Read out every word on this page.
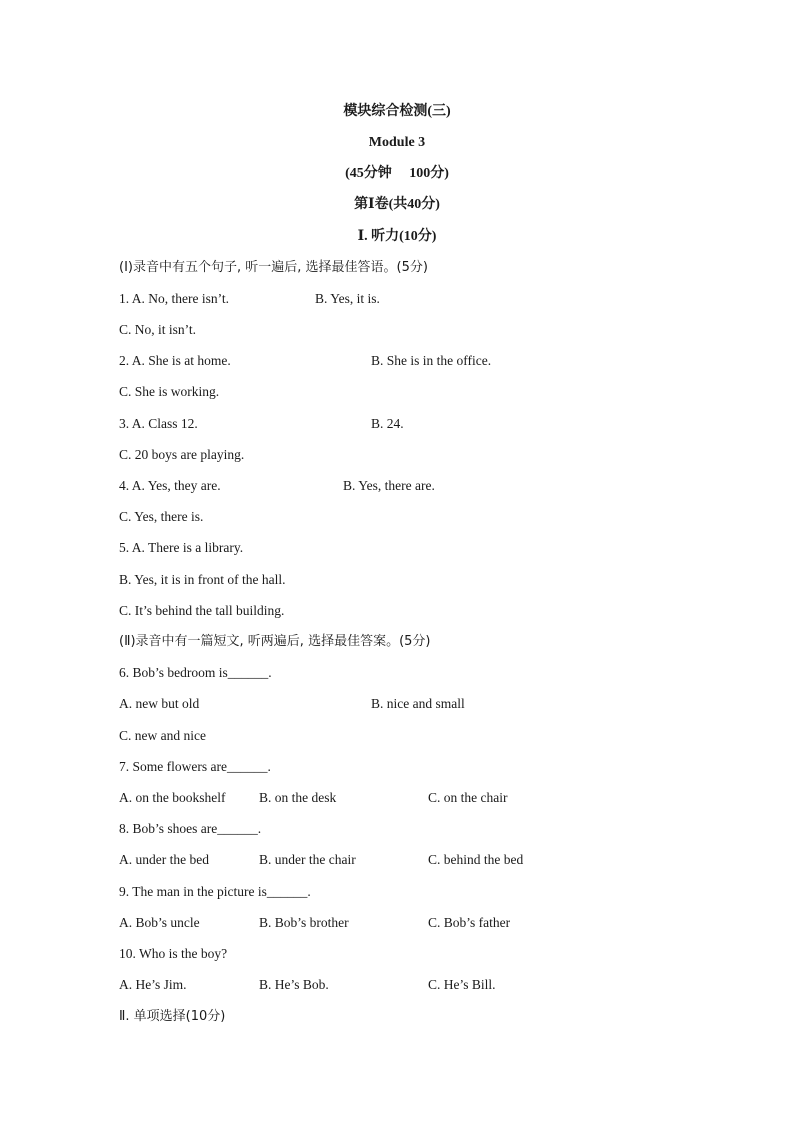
模块综合检测(三)
Module 3
(45分钟     100分)
第Ⅰ卷(共40分)
Ⅰ. 听力(10分)
(Ⅰ)录音中有五个句子, 听一遍后, 选择最佳答语。(5分)
1. A. No, there isn’t.	B. Yes, it is.
C. No, it isn’t.
2. A. She is at home.	B. She is in the office.
C. She is working.
3. A. Class 12.	B. 24.
C. 20 boys are playing.
4. A. Yes, they are.	B. Yes, there are.
C. Yes, there is.
5. A. There is a library.
B. Yes, it is in front of the hall.
C. It’s behind the tall building.
(Ⅱ)录音中有一篇短文, 听两遍后, 选择最佳答案。(5分)
6. Bob’s bedroom is______.
A. new but old	B. nice and small
C. new and nice
7. Some flowers are______.
A. on the bookshelf B. on the desk	C. on the chair
8. Bob’s shoes are______.
A. under the bed	B. under the chair	C. behind the bed
9. The man in the picture is______.
A. Bob’s uncle	B. Bob’s brother	C. Bob’s father
10. Who is the boy?
A. He’s Jim.	B. He’s Bob.	C. He’s Bill.
Ⅱ. 单项选择(10分)
